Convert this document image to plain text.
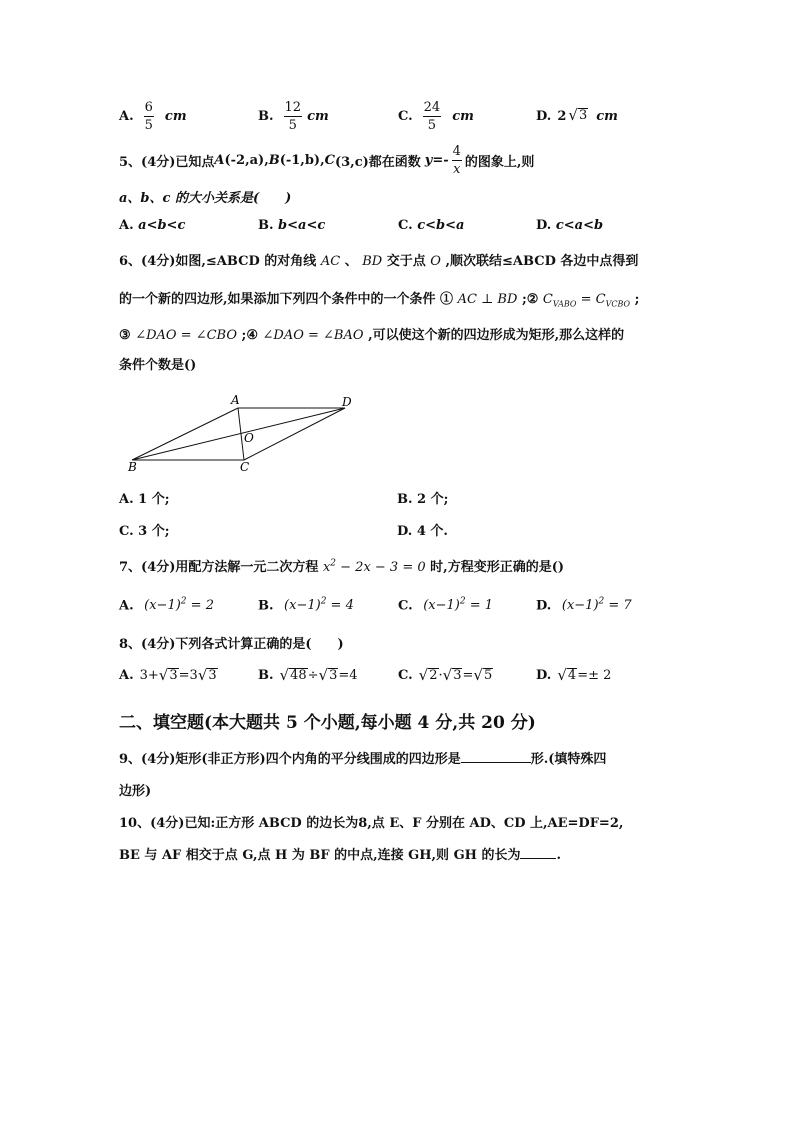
A. $\frac{6}{5}$ cm	B. $\frac{12}{5}$ cm	C. $\frac{24}{5}$ cm	D. 2 √ 3 cm
5、(4分)已知点 A (-2,a), B (-1,b), C (3,c)都在函数 $y=- \frac{4}{x}$ 的图象上,则
a、b、c 的大小关系是(　　)
A. a<b<c	B. b<a<c	C. c<b<a	D. c<a<b
6、(4分)如图,≤ABCD 的对角线 AC 、 BD 交于点 O ,顺次联结≤ABCD 各边中点得到
的一个新的四边形,如果添加下列四个条件中的一个条件 ① AC ⊥ BD ;② $C_{VABO} = C_{VCBO}$ ;
③ ∠DAO = ∠CBO ;④ ∠DAO = ∠BAO ,可以使这个新的四边形成为矩形,那么这样的
条件个数是()
A	D
B	C
O
A. 1 个;	B. 2 个;
C. 3 个;	D. 4 个.
7、(4分)用配方法解一元二次方程 $x^2 - 2x - 3 = 0$ 时,方程变形正确的是()
A. $(x-1)^2 = 2$	B. $(x-1)^2 = 4$	C. $(x-1)^2 = 1$	D. $(x-1)^2 = 7$
8、(4分)下列各式计算正确的是(　　)
A. 3+ √ 3 =3 √ 3	B. √ 48 ÷ √ 3 =4	C. √ 2 · √ 3 = √ 5	D. √ 4 =± 2
二、填空题(本大题共 5 个小题,每小题 4 分,共 20 分)
9、(4分)矩形(非正方形)四个内角的平分线围成的四边形是	形.(填特殊四
边形)
10、(4分)已知:正方形 ABCD 的边长为8,点 E、F 分别在 AD、CD 上,AE=DF=2,
BE 与 AF 相交于点 G,点 H 为 BF 的中点,连接 GH,则 GH 的长为	.
